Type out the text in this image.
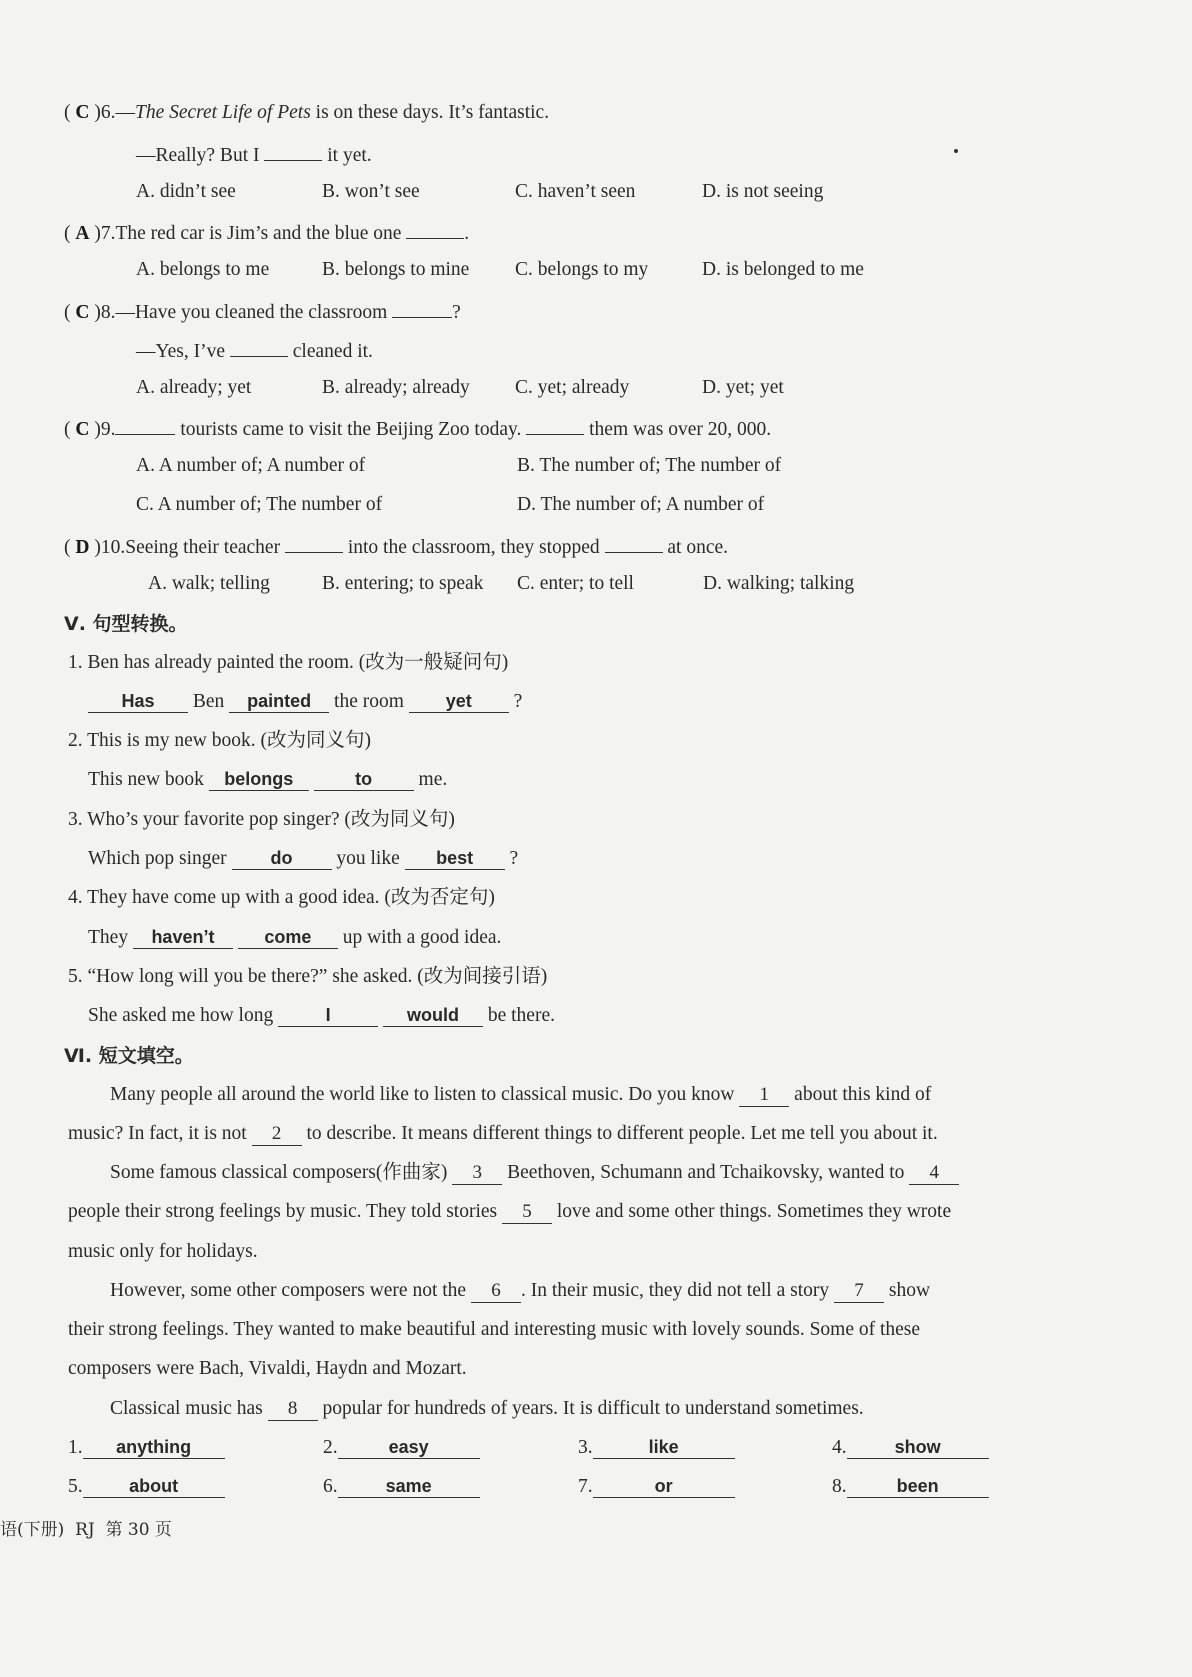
( C )6.—The Secret Life of Pets is on these days. It’s fantastic.
—Really? But I	it yet.
A. didn’t see	B. won’t see	C. haven’t seen	D. is not seeing
( A )7.The red car is Jim’s and the blue one	.
A. belongs to me	B. belongs to mine C. belongs to my	D. is belonged to me
( C )8.—Have you cleaned the classroom	?
—Yes, I’ve	cleaned it.
A. already; yet	B. already; already C. yet; already	D. yet; yet
( C )9.	tourists came to visit the Beijing Zoo today.	them was over 20, 000.
A. A number of; A number of	B. The number of; The number of
C. A number of; The number of	D. The number of; A number of
( D )10.Seeing their teacher	into the classroom, they stopped	at once.
A. walk; telling	B. entering; to speak C. enter; to tell	D. walking; talking
Ⅴ. 句型转换。
1. Ben has already painted the room. (改为一般疑问句)
Has Ben painted the room yet ?
2. This is my new book. (改为同义句)
This new book belongs	to me.
3. Who’s your favorite pop singer? (改为同义句)
Which pop singer do you like best ?
4. They have come up with a good idea. (改为否定句)
They haven’t	come up with a good idea.
5. “How long will you be there?” she asked. (改为间接引语)
She asked me how long	I	would be there.
Ⅵ. 短文填空。
Many people all around the world like to listen to classical music. Do you know 1 about this kind of
music? In fact, it is not 2 to describe. It means different things to different people. Let me tell you about it.
Some famous classical composers(作曲家) 3 Beethoven, Schumann and Tchaikovsky, wanted to 4
people their strong feelings by music. They told stories 5 love and some other things. Sometimes they wrote
music only for holidays.
However, some other composers were not the 6 . In their music, they did not tell a story 7 show
their strong feelings. They wanted to make beautiful and interesting music with lovely sounds. Some of these
composers were Bach, Vivaldi, Haydn and Mozart.
Classical music has 8 popular for hundreds of years. It is difficult to understand sometimes.
1. anything	2.	easy	3.	like	4.	show
5.	about	6.	same	7.	or	8.	been
语(下册)  RJ  第 30 页
